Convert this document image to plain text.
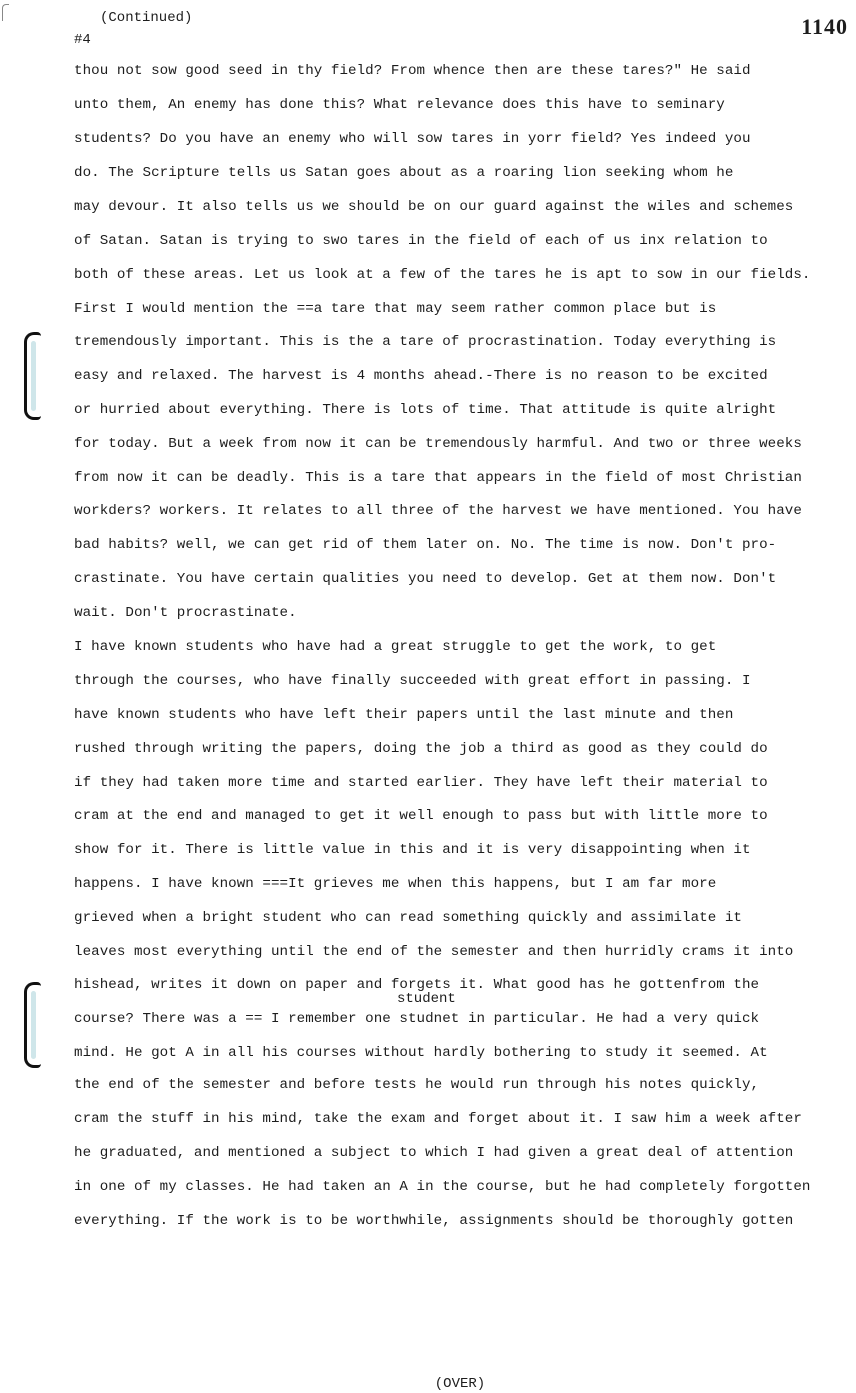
(Continued)
#4
1140
thou not sow good seed in thy field? From whence then are these tares?" He said
unto them, An enemy has done this? What relevance does this have to seminary
students? Do you have an enemy who will sow tares in yorr field? Yes indeed you
do. The Scripture tells us Satan goes about as a roaring lion seeking whom he
may devour. It also tells us we should be on our guard against the wiles and schemes
of Satan. Satan is trying to swo tares in the field of each of us inx relation to
both of these areas. Let us look at a few of the tares he is apt to sow in our fields.
First I would mention the ==a tare that may seem rather common place but is
tremendously important. This is the a tare of procrastination. Today everything is
easy and relaxed. The harvest is 4 months ahead.-There is no reason to be excited
or hurried about everything. There is lots of time. That attitude is quite alright
for today. But a week from now it can be tremendously harmful. And two or three weeks
from now it can be deadly. This is a tare that appears in the field of most Christian
workders? workers. It relates to all three of the harvest we have mentioned. You have
bad habits? well, we can get rid of them later on. No. The time is now. Don't pro-
crastinate. You have certain qualities you need to develop. Get at them now. Don't
wait. Don't procrastinate.
I have known students who have had a great struggle to get the work, to get
through the courses, who have finally succeeded with great effort in passing. I
have known students who have left their papers until the last minute and then
rushed through writing the papers, doing the job a third as good as they could do
if they had taken more time and started earlier. They have left their material to
cram at the end and managed to get it well enough to pass but with little more to
show for it. There is little value in this and it is very disappointing when it
happens. I have known ===It grieves me when this happens, but I am far more
grieved when a bright student who can read something quickly and assimilate it
leaves most everything until the end of the semester and then hurridly crams it into
hishead, writes it down on paper and forgets it. What good has he gottenfrom the
course? There was a == I remember one studnet in particular. He had a very quick
mind. He got A in all his courses without hardly bothering to study it seemed. At
the end of the semester and before tests he would run through his notes quickly,
cram the stuff in his mind, take the exam and forget about it. I saw him a week after
he graduated, and mentioned a subject to which I had given a great deal of attention
in one of my classes. He had taken an A in the course, but he had completely forgotten
everything. If the work is to be worthwhile, assignments should be thoroughly gotten
student
(OVER)
